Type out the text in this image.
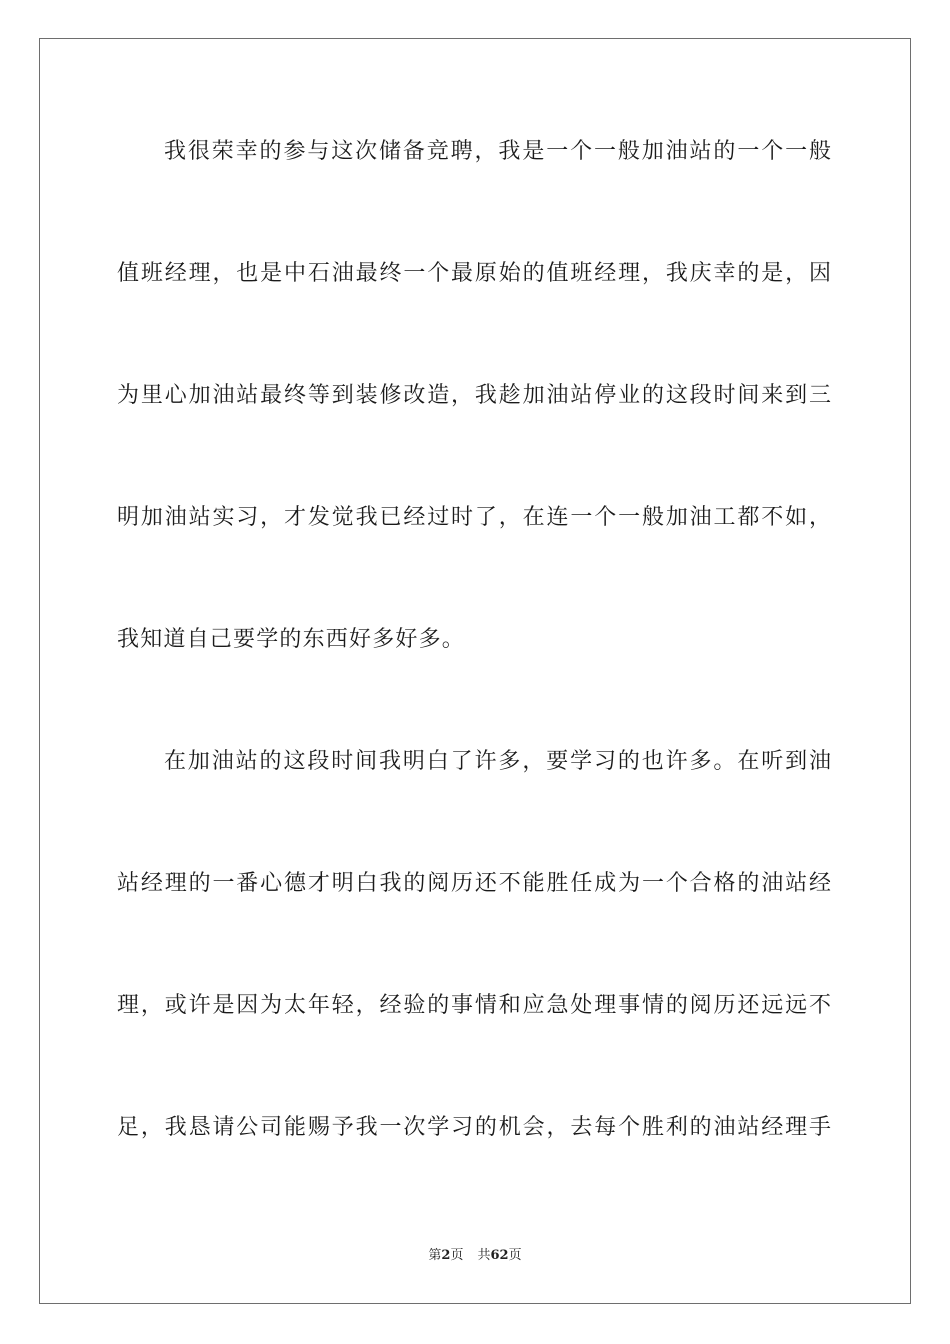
我很荣幸的参与这次储备竞聘，我是一个一般加油站的一个一般
值班经理，也是中石油最终一个最原始的值班经理，我庆幸的是，因
为里心加油站最终等到装修改造，我趁加油站停业的这段时间来到三
明加油站实习，才发觉我已经过时了，在连一个一般加油工都不如，
我知道自己要学的东西好多好多。
在加油站的这段时间我明白了许多，要学习的也许多。在听到油
站经理的一番心德才明白我的阅历还不能胜任成为一个合格的油站经
理，或许是因为太年轻，经验的事情和应急处理事情的阅历还远远不
足，我恳请公司能赐予我一次学习的机会，去每个胜利的油站经理手
第2页 共62页
